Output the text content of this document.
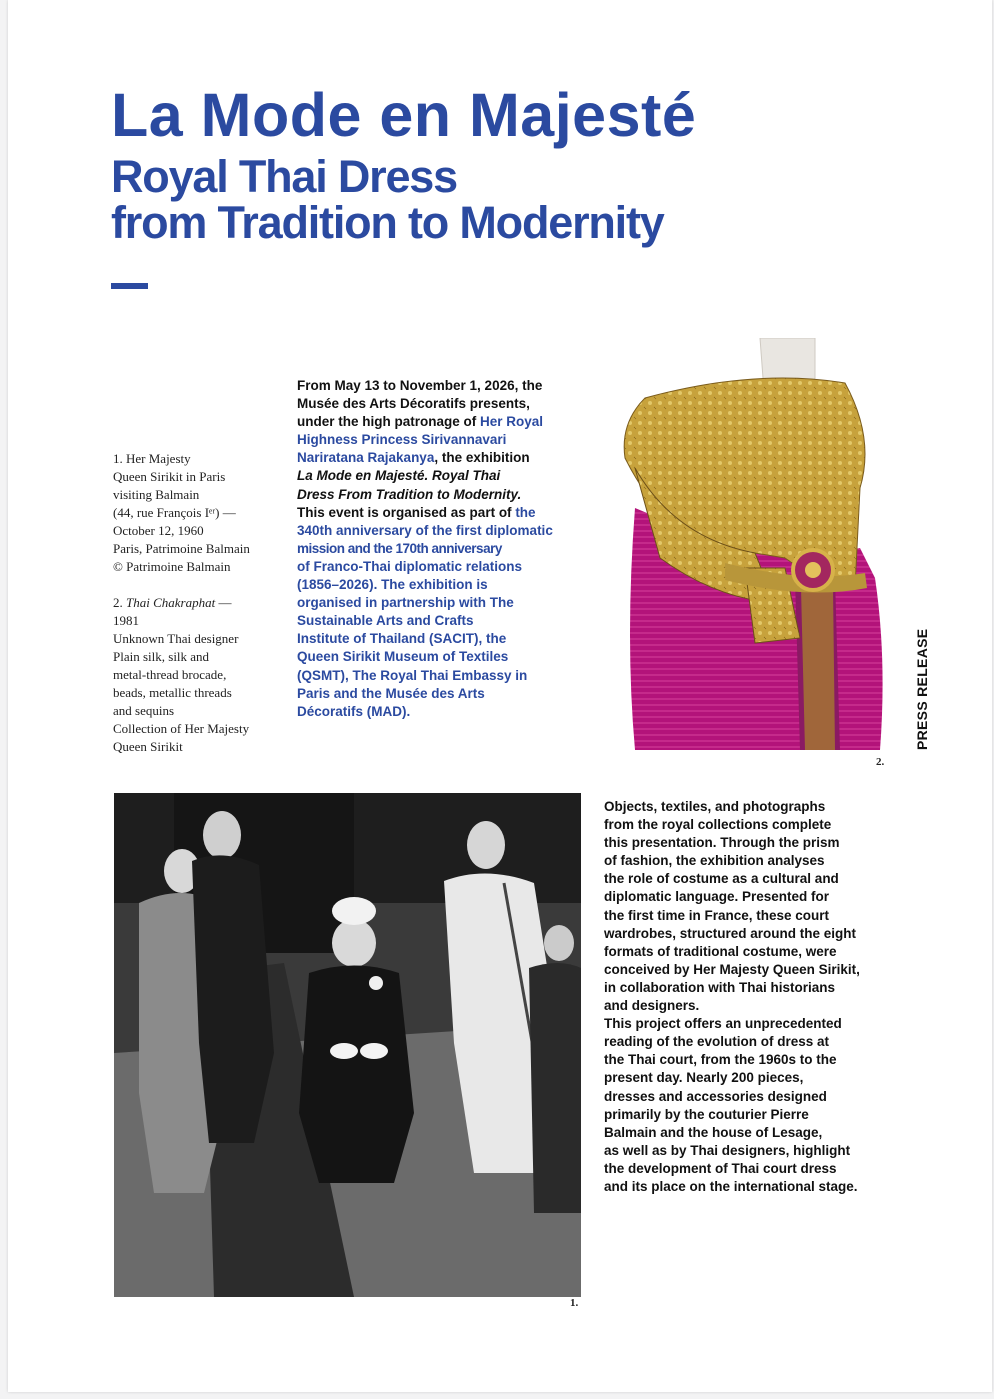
La Mode en Majesté
Royal Thai Dress
from Tradition to Modernity

1. Her Majesty
Queen Sirikit in Paris
visiting Balmain
(44, rue François Iᵉʳ) —
October 12, 1960
Paris, Patrimoine Balmain
© Patrimoine Balmain

2. Thai Chakraphat —
1981
Unknown Thai designer
Plain silk, silk and
metal-thread brocade,
beads, metallic threads
and sequins
Collection of Her Majesty
Queen Sirikit

From May 13 to November 1, 2026, the
Musée des Arts Décoratifs presents,
under the high patronage of Her Royal
Highness Princess Sirivannavari
Nariratana Rajakanya, the exhibition
La Mode en Majesté. Royal Thai
Dress From Tradition to Modernity.
This event is organised as part of the
340th anniversary of the first diplomatic
mission and the 170th anniversary
of Franco-Thai diplomatic relations
(1856–2026). The exhibition is
organised in partnership with The
Sustainable Arts and Crafts
Institute of Thailand (SACIT), the
Queen Sirikit Museum of Textiles
(QSMT), The Royal Thai Embassy in
Paris and the Musée des Arts
Décoratifs (MAD).
2.
PRESS RELEASE
1.
Objects, textiles, and photographs
from the royal collections complete
this presentation. Through the prism
of fashion, the exhibition analyses
the role of costume as a cultural and
diplomatic language. Presented for
the first time in France, these court
wardrobes, structured around the eight
formats of traditional costume, were
conceived by Her Majesty Queen Sirikit,
in collaboration with Thai historians
and designers.
This project offers an unprecedented
reading of the evolution of dress at
the Thai court, from the 1960s to the
present day. Nearly 200 pieces,
dresses and accessories designed
primarily by the couturier Pierre
Balmain and the house of Lesage,
as well as by Thai designers, highlight
the development of Thai court dress
and its place on the international stage.
